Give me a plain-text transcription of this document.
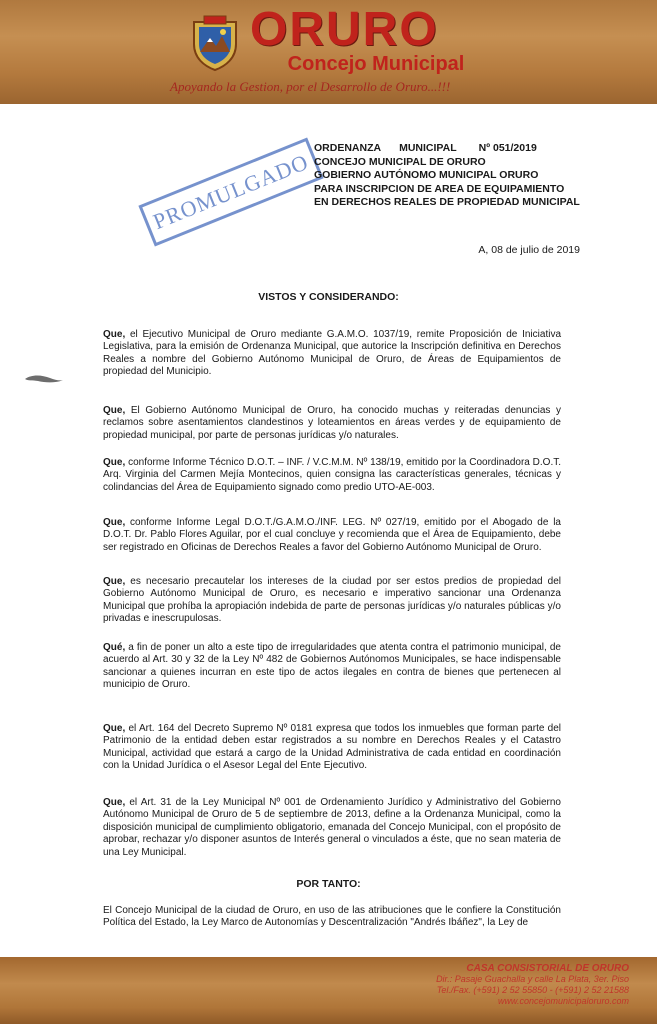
ORURO
Concejo Municipal
Apoyando la Gestion, por el Desarrollo de Oruro...!!!
PROMULGADO
ORDENANZA MUNICIPAL Nº 051/2019
CONCEJO MUNICIPAL DE ORURO
GOBIERNO AUTÓNOMO MUNICIPAL ORURO
PARA INSCRIPCION DE AREA DE EQUIPAMIENTO
EN DERECHOS REALES DE PROPIEDAD MUNICIPAL
A, 08 de julio de 2019
VISTOS Y CONSIDERANDO:
Que, el Ejecutivo Municipal de Oruro mediante G.A.M.O. 1037/19, remite Proposición de Iniciativa Legislativa, para la emisión de Ordenanza Municipal, que autorice la Inscripción definitiva en Derechos Reales a nombre del Gobierno Autónomo Municipal de Oruro, de Áreas de Equipamientos de propiedad del Municipio.
Que, El Gobierno Autónomo Municipal de Oruro, ha conocido muchas y reiteradas denuncias y reclamos sobre asentamientos clandestinos y loteamientos en áreas verdes y de equipamiento de propiedad municipal, por parte de personas jurídicas y/o naturales.
Que, conforme Informe Técnico D.O.T. – INF. / V.C.M.M. Nº 138/19, emitido por la Coordinadora D.O.T. Arq. Virginia del Carmen Mejía Montecinos, quien consigna las características generales, técnicas y colindancias del Área de Equipamiento signado como predio UTO-AE-003.
Que, conforme Informe Legal D.O.T./G.A.M.O./INF. LEG. Nº 027/19, emitido por el Abogado de la D.O.T. Dr. Pablo Flores Aguilar, por el cual concluye y recomienda que el Área de Equipamiento, debe ser registrado en Oficinas de Derechos Reales a favor del Gobierno Autónomo Municipal de Oruro.
Que, es necesario precautelar los intereses de la ciudad por ser estos predios de propiedad del Gobierno Autónomo Municipal de Oruro, es necesario e imperativo sancionar una Ordenanza Municipal que prohíba la apropiación indebida de parte de personas jurídicas y/o naturales públicas y/o privadas e inescrupulosas.
Qué, a fin de poner un alto a este tipo de irregularidades que atenta contra el patrimonio municipal, de acuerdo al Art. 30 y 32 de la Ley Nº 482 de Gobiernos Autónomos Municipales, se hace indispensable sancionar a quienes incurran en este tipo de actos ilegales en contra de bienes que pertenecen al municipio de Oruro.
Que, el Art. 164 del Decreto Supremo Nº 0181 expresa que todos los inmuebles que forman parte del Patrimonio de la entidad deben estar registrados a su nombre en Derechos Reales y el Catastro Municipal, actividad que estará a cargo de la Unidad Administrativa de cada entidad en coordinación con la Unidad Jurídica o el Asesor Legal del Ente Ejecutivo.
Que, el Art. 31 de la Ley Municipal Nº 001 de Ordenamiento Jurídico y Administrativo del Gobierno Autónomo Municipal de Oruro de 5 de septiembre de 2013, define a la Ordenanza Municipal, como la disposición municipal de cumplimiento obligatorio, emanada del Concejo Municipal, con el propósito de aprobar, rechazar y/o disponer asuntos de Interés general o vinculados a éste, que no sean materia de una Ley Municipal.
POR TANTO:
El Concejo Municipal de la ciudad de Oruro, en uso de las atribuciones que le confiere la Constitución Política del Estado, la Ley Marco de Autonomías y Descentralización "Andrés Ibáñez", la Ley de
CASA CONSISTORIAL DE ORURO
Dir.: Pasaje Guachalla y calle La Plata, 3er. Piso
Tel./Fax. (+591) 2 52 55850 - (+591) 2 52 21588
www.concejomunicipaloruro.com
